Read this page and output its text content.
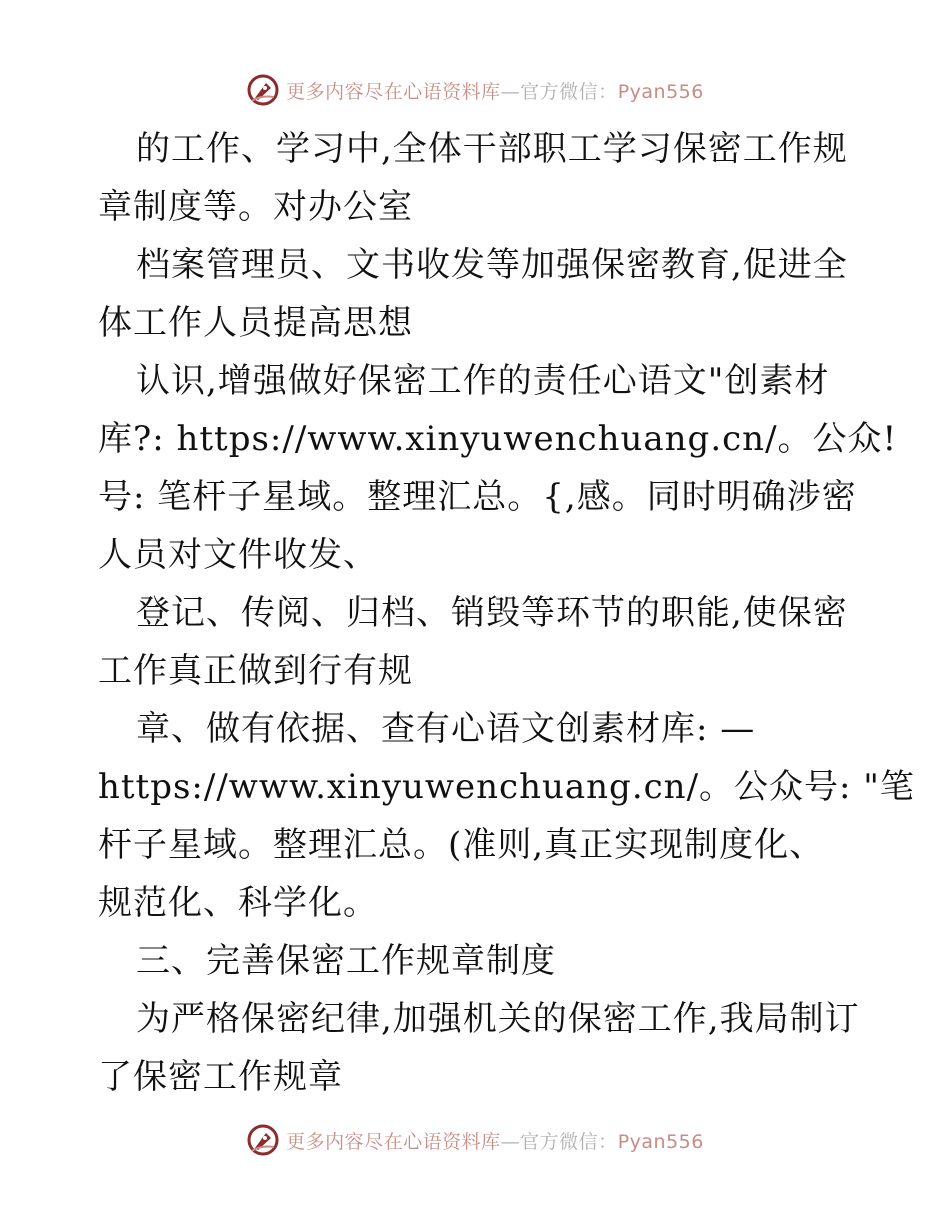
更多内容尽在心语资料库—官方微信：Pyan556
的工作、学习中,全体干部职工学习保密工作规
章制度等。对办公室
档案管理员、文书收发等加强保密教育,促进全
体工作人员提高思想
认识,增强做好保密工作的责任心语文"创素材
库?: https://www.xinyuwenchuang.cn/。公众!
号: 笔杆子星域。整理汇总。{,感。同时明确涉密
人员对文件收发、
登记、传阅、归档、销毁等环节的职能,使保密
工作真正做到行有规
章、做有依据、查有心语文创素材库: —
https://www.xinyuwenchuang.cn/。公众号: "笔
杆子星域。整理汇总。(准则,真正实现制度化、
规范化、科学化。
三、完善保密工作规章制度
为严格保密纪律,加强机关的保密工作,我局制订
了保密工作规章
更多内容尽在心语资料库—官方微信：Pyan556
